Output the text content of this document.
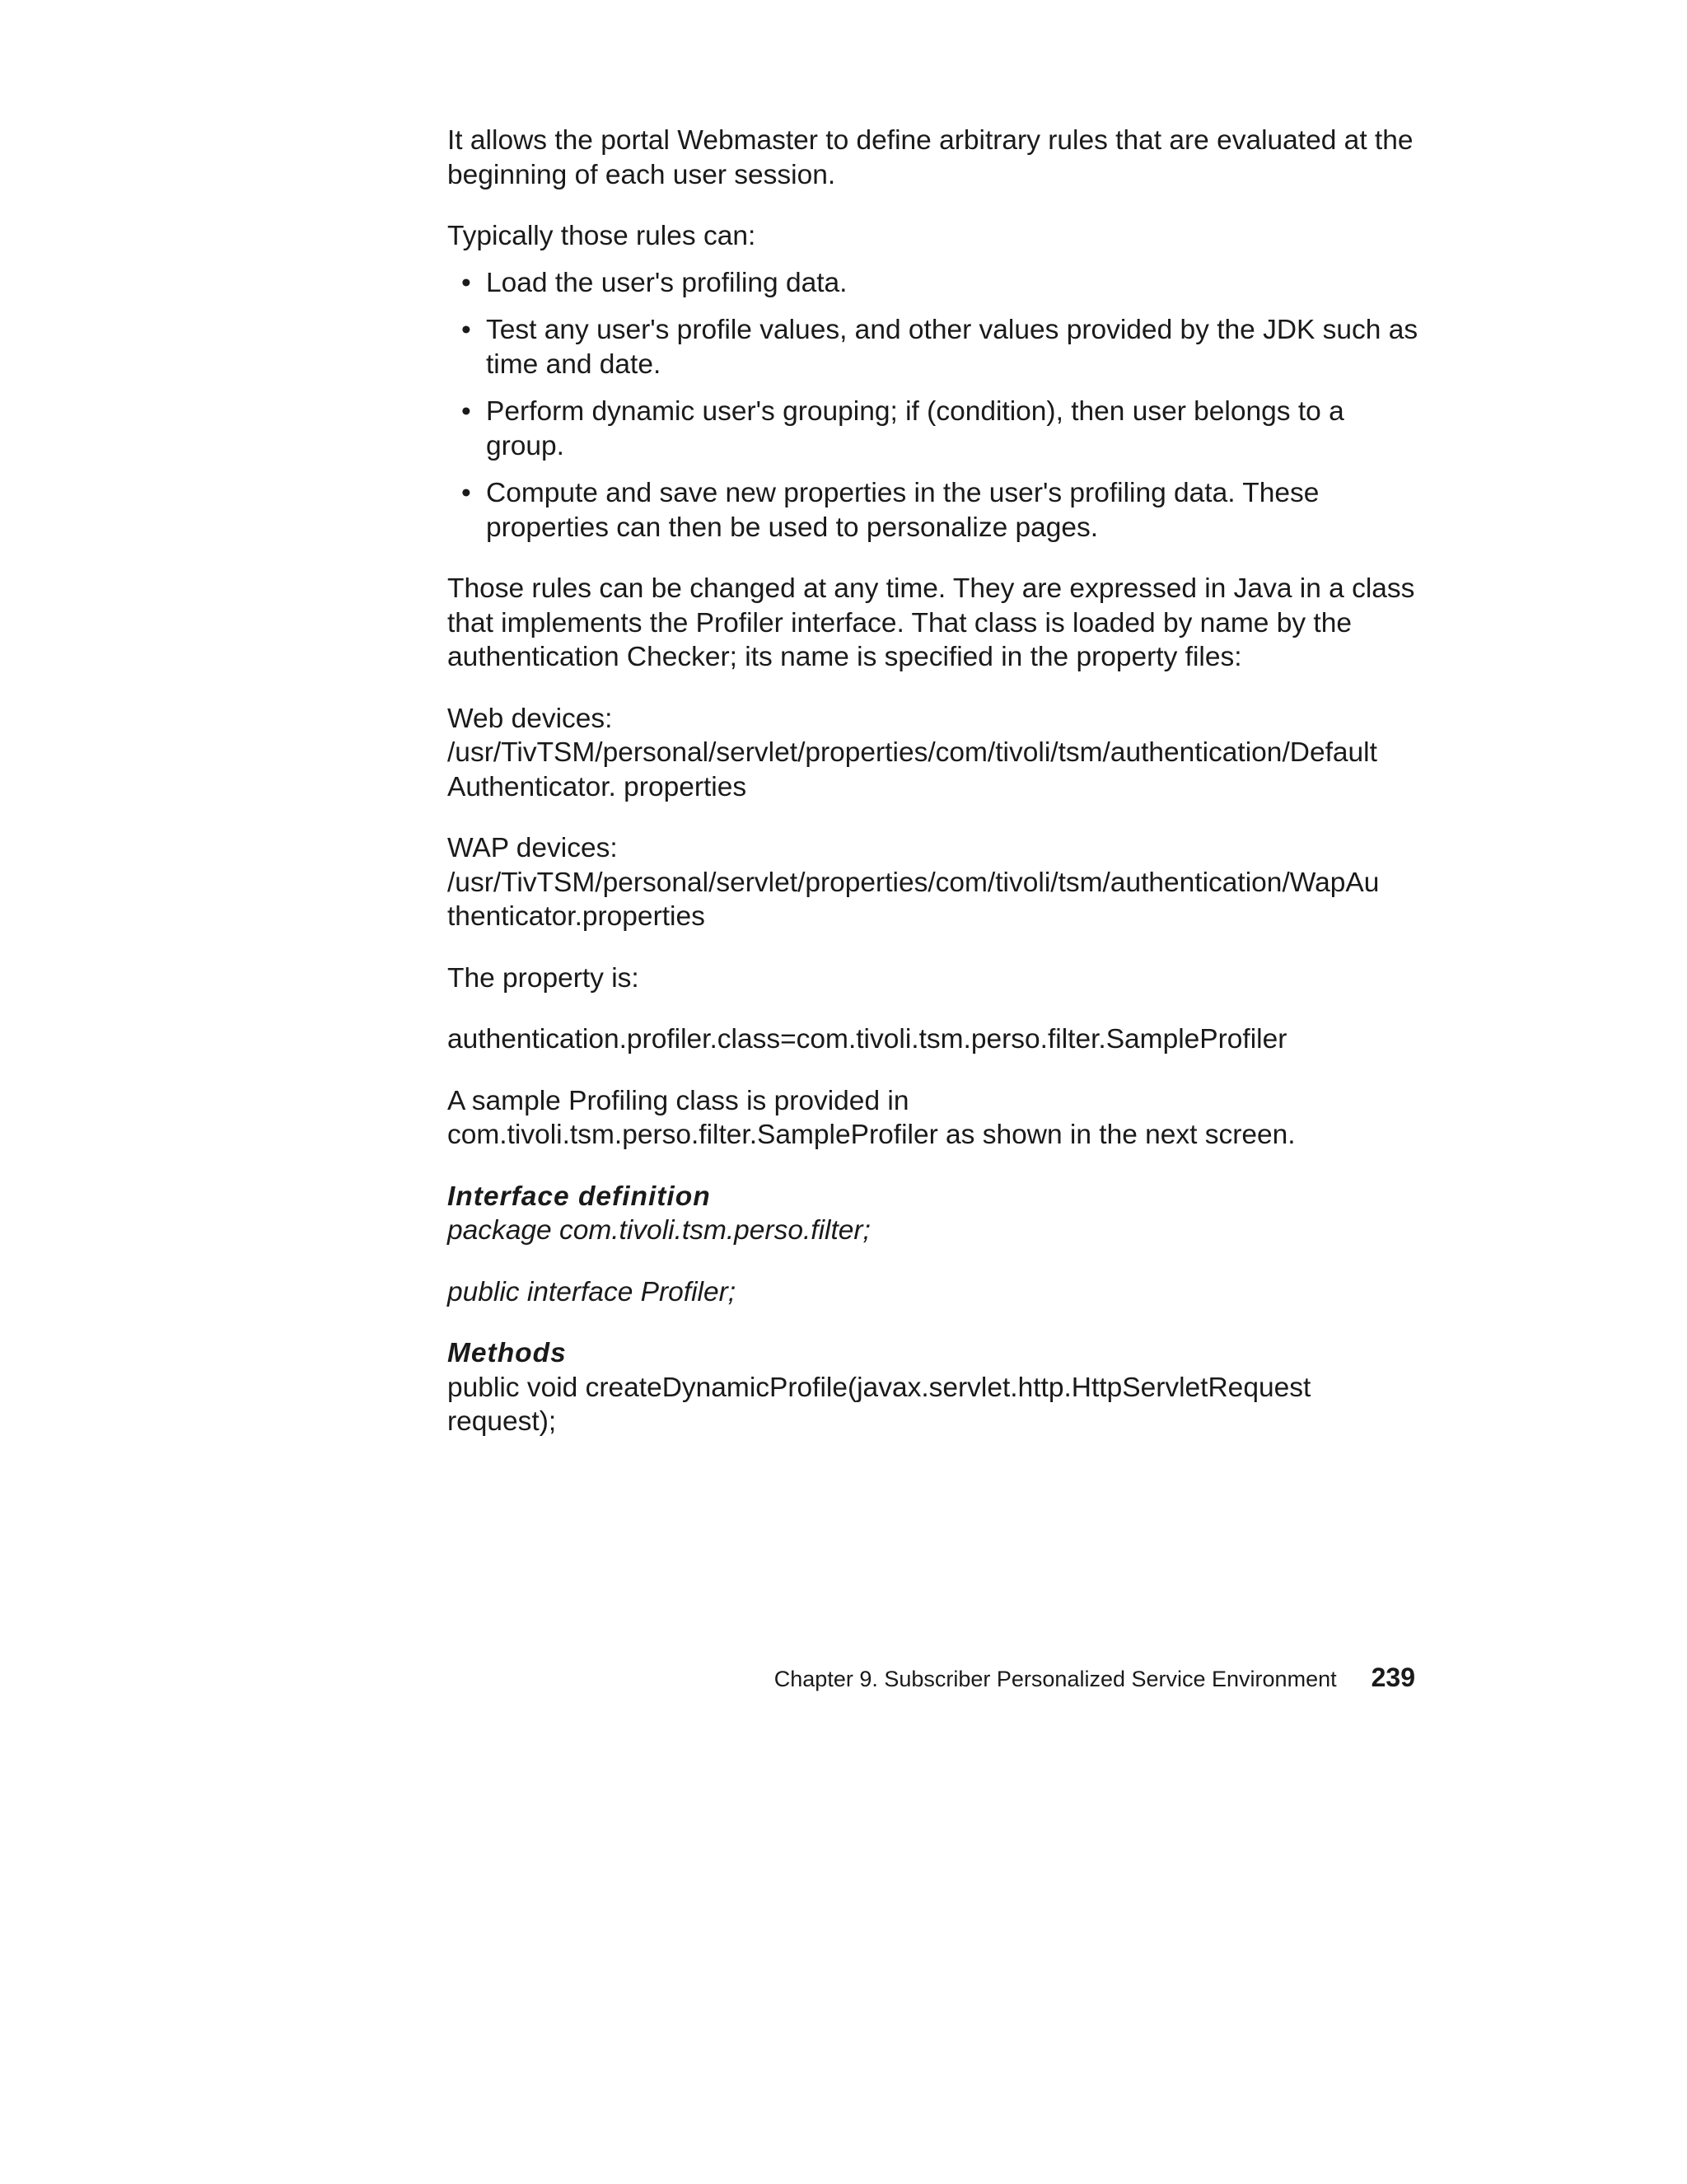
It allows the portal Webmaster to define arbitrary rules that are evaluated at the beginning of each user session.

Typically those rules can:

• Load the user's profiling data.
• Test any user's profile values, and other values provided by the JDK such as time and date.
• Perform dynamic user's grouping; if (condition), then user belongs to a group.
• Compute and save new properties in the user's profiling data. These properties can then be used to personalize pages.

Those rules can be changed at any time. They are expressed in Java in a class that implements the Profiler interface. That class is loaded by name by the authentication Checker; its name is specified in the property files:

Web devices:
/usr/TivTSM/personal/servlet/properties/com/tivoli/tsm/authentication/Default
Authenticator. properties
WAP devices:
/usr/TivTSM/personal/servlet/properties/com/tivoli/tsm/authentication/WapAu
thenticator.properties

The property is:

authentication.profiler.class=com.tivoli.tsm.perso.filter.SampleProfiler

A sample Profiling class is provided in
com.tivoli.tsm.perso.filter.SampleProfiler as shown in the next screen.
Interface definition
package com.tivoli.tsm.perso.filter;

public interface Profiler;

Methods
public void createDynamicProfile(javax.servlet.http.HttpServletRequest
request);
Chapter 9. Subscriber Personalized Service Environment 239
